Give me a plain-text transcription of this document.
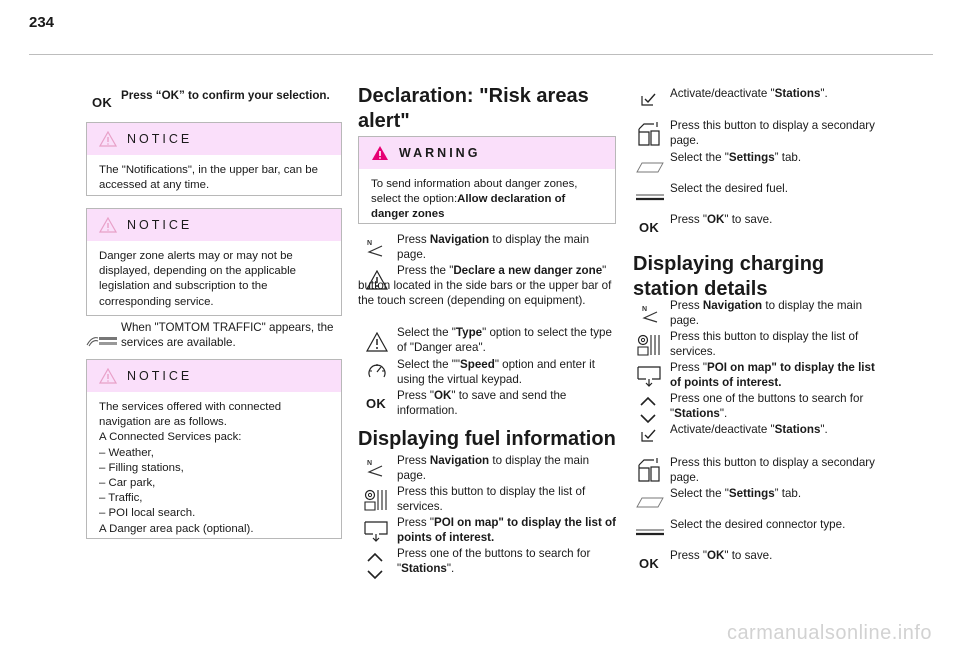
234
OK Press “OK” to confirm your selection.
NOTICE
The "Notifications", in the upper bar, can be accessed at any time.
NOTICE
Danger zone alerts may or may not be displayed, depending on the applicable legislation and subscription to the corresponding service.
When "TOMTOM TRAFFIC" appears, the services are available.
NOTICE
The services offered with connected
navigation are as follows.
A Connected Services pack:
– Weather,
– Filling stations,
– Car park,
– Traffic,
– POI local search.
A Danger area pack (optional).
Declaration: "Risk areas alert"
WARNING
To send information about danger zones, select the option:Allow declaration of danger zones
N Press Navigation to display the main page.
Press the "Declare a new danger zone" button located in the side bars or the upper bar of the touch screen (depending on equipment).
Select the "Type" option to select the type of "Danger area".
Select the ""Speed" option and enter it using the virtual keypad.
OK
Press "OK" to save and send the information.
Displaying fuel information
N Press Navigation to display the main page.
Press this button to display the list of services.
Press "POI on map" to display the list of points of interest.
Press one of the buttons to search for "Stations".
Activate/deactivate "Stations".
Press this button to display a secondary page.
Select the "Settings” tab.
Select the desired fuel.
OK
Press "OK" to save.
Displaying charging station details
N Press Navigation to display the main page.
Press this button to display the list of services.
Press "POI on map" to display the list of points of interest.
Press one of the buttons to search for "Stations".
Activate/deactivate "Stations".
Press this button to display a secondary page.
Select the "Settings” tab.
Select the desired connector type.
OK
Press "OK" to save.
carmanualsonline.info
